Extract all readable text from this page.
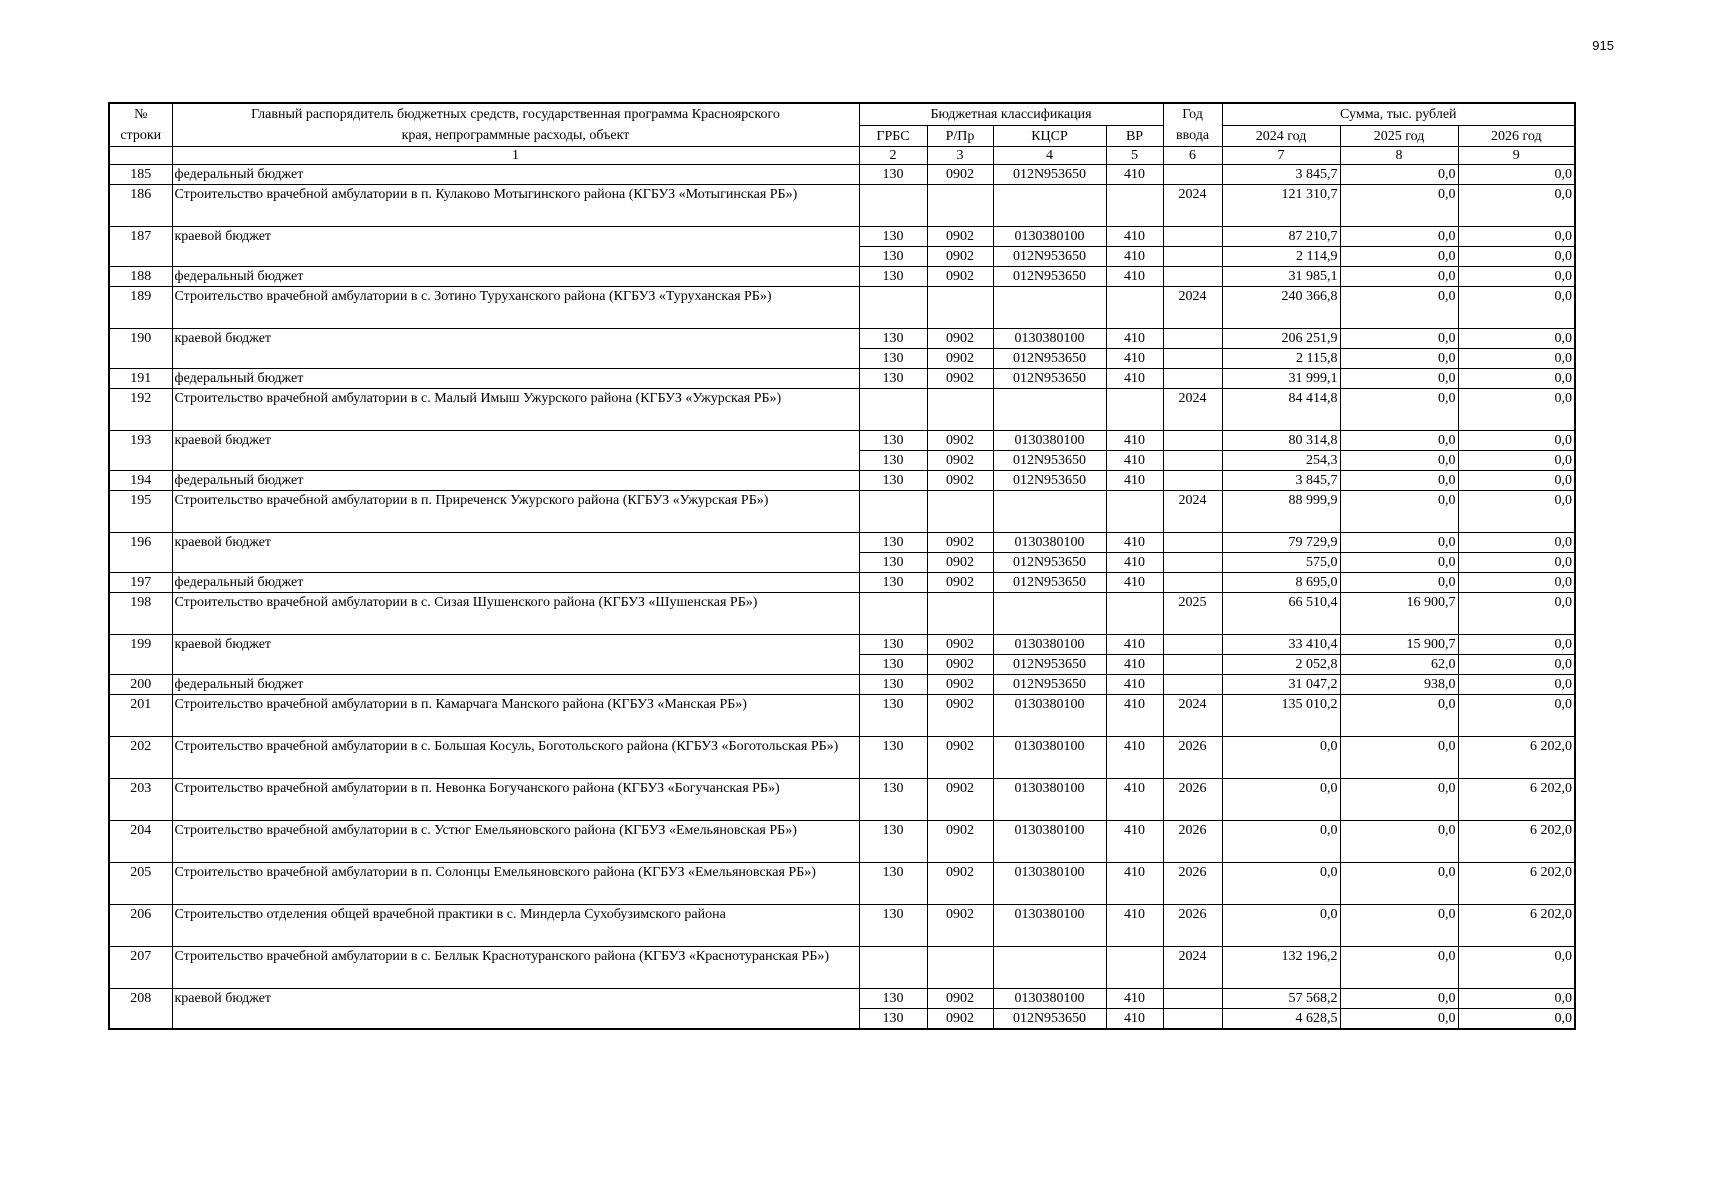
915
№
строки	Главный распорядитель бюджетных средств, государственная программа Красноярского
края, непрограммные расходы, объект	Бюджетная классификация				Год
ввода	Сумма, тыс. рублей		
		ГРБС	Р/Пр	КЦСР	ВР		2024 год	2025 год	2026 год
	1	2	3	4	5	6	7	8	9
185	федеральный бюджет	130	0902	012N953650	410		3 845,7	0,0	0,0
186	Строительство врачебной амбулатории в п. Кулаково Мотыгинского района (КГБУЗ «Мотыгинская РБ»)					2024	121 310,7	0,0	0,0
187	краевой бюджет	130	0902	0130380100	410		87 210,7	0,0	0,0
		130	0902	012N953650	410		2 114,9	0,0	0,0
188	федеральный бюджет	130	0902	012N953650	410		31 985,1	0,0	0,0
189	Строительство врачебной амбулатории в с. Зотино Туруханского района (КГБУЗ «Туруханская РБ»)					2024	240 366,8	0,0	0,0
190	краевой бюджет	130	0902	0130380100	410		206 251,9	0,0	0,0
		130	0902	012N953650	410		2 115,8	0,0	0,0
191	федеральный бюджет	130	0902	012N953650	410		31 999,1	0,0	0,0
192	Строительство врачебной амбулатории в с. Малый Имыш Ужурского района (КГБУЗ «Ужурская РБ»)					2024	84 414,8	0,0	0,0
193	краевой бюджет	130	0902	0130380100	410		80 314,8	0,0	0,0
		130	0902	012N953650	410		254,3	0,0	0,0
194	федеральный бюджет	130	0902	012N953650	410		3 845,7	0,0	0,0
195	Строительство врачебной амбулатории в п. Приреченск Ужурского района (КГБУЗ «Ужурская РБ»)					2024	88 999,9	0,0	0,0
196	краевой бюджет	130	0902	0130380100	410		79 729,9	0,0	0,0
		130	0902	012N953650	410		575,0	0,0	0,0
197	федеральный бюджет	130	0902	012N953650	410		8 695,0	0,0	0,0
198	Строительство врачебной амбулатории в с. Сизая Шушенского района (КГБУЗ «Шушенская РБ»)					2025	66 510,4	16 900,7	0,0
199	краевой бюджет	130	0902	0130380100	410		33 410,4	15 900,7	0,0
		130	0902	012N953650	410		2 052,8	62,0	0,0
200	федеральный бюджет	130	0902	012N953650	410		31 047,2	938,0	0,0
201	Строительство врачебной амбулатории в п. Камарчага Манского района (КГБУЗ «Манская РБ»)	130	0902	0130380100	410	2024	135 010,2	0,0	0,0
202	Строительство врачебной амбулатории в с. Большая Косуль, Боготольского района (КГБУЗ «Боготольская РБ»)	130	0902	0130380100	410	2026	0,0	0,0	6 202,0
203	Строительство врачебной амбулатории в п. Невонка Богучанского района (КГБУЗ «Богучанская РБ»)	130	0902	0130380100	410	2026	0,0	0,0	6 202,0
204	Строительство врачебной амбулатории в с. Устюг Емельяновского района (КГБУЗ «Емельяновская РБ»)	130	0902	0130380100	410	2026	0,0	0,0	6 202,0
205	Строительство врачебной амбулатории в п. Солонцы Емельяновского района (КГБУЗ «Емельяновская РБ»)	130	0902	0130380100	410	2026	0,0	0,0	6 202,0
206	Строительство отделения общей врачебной практики в с. Миндерла Сухобузимского района	130	0902	0130380100	410	2026	0,0	0,0	6 202,0
207	Строительство врачебной амбулатории в с. Беллык Краснотуранского района (КГБУЗ «Краснотуранская РБ»)					2024	132 196,2	0,0	0,0
208	краевой бюджет	130	0902	0130380100	410		57 568,2	0,0	0,0
		130	0902	012N953650	410		4 628,5	0,0	0,0
